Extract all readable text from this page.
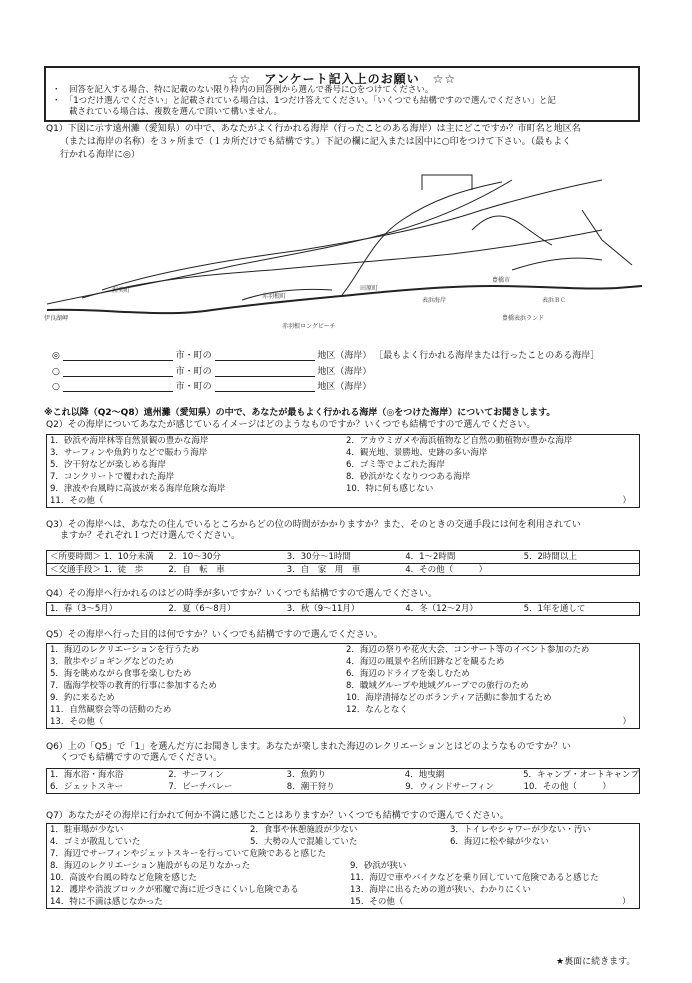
☆☆　アンケート記入上のお願い　☆☆
・　回答を記入する場合、特に記載のない限り枠内の回答例から選んで番号に○をつけてください。
・　「1つだけ選んでください」と記載されている場合は、1つだけ答えてください。「いくつでも結構ですので選んでください」と記
　　載されている場合は、複数を選んで頂いて構いません。
Q1）下図に示す遠州灘（愛知県）の中で、あなたがよく行かれる海岸（行ったことのある海岸）は主にどこですか？市町名と地区名
（または海岸の名称）を３ヶ所まで（１カ所だけでも結構です。）下記の欄に記入または図中に○印をつけて下さい。（最もよく
行かれる海岸に◎）
渥美町
赤羽根町
田原町
豊橋市
表浜海岸
伊良湖岬
赤羽根ロングビーチ
表浜ＢＣ
豊橋表浜ランド
◎	市・町の	地区（海岸） ［最もよく行かれる海岸または行ったことのある海岸］
○	市・町の	地区（海岸）
○	市・町の	地区（海岸）
※これ以降（Q2～Q8）遠州灘（愛知県）の中で、あなたが最もよく行かれる海岸（◎をつけた海岸）についてお聞きします。
Q2）その海岸についてあなたが感じているイメージはどのようなものですか？いくつでも結構ですので選んでください。
1．砂浜や海岸林等自然景観の豊かな海岸	2．アカウミガメや海浜植物など自然の動植物が豊かな海岸
3．サーフィンや魚釣りなどで賑わう海岸	4．観光地、景勝地、史跡の多い海岸
5．汐干狩などが楽しめる海岸	6．ゴミ等でよごれた海岸
7．コンクリートで覆われた海岸	8．砂浜がなくなりつつある海岸
9．津波や台風時に高波が来る海岸危険な海岸	10．特に何も感じない
11．その他（	）
Q3）その海岸へは、あなたの住んでいるところからどの位の時間がかかりますか？また、そのときの交通手段には何を利用されてい
ますか？それぞれ１つだけ選んでください。
＜所要時間＞ 1．10分未満	2．10～30分	3．30分～1時間	4．1～2時間	5．2時間以上
＜交通手段＞ 1．徒　歩	2．自　転　車	3．自　家　用　車	4．その他（　　　）
Q4）その海岸へ行かれるのはどの時季が多いですか？いくつでも結構ですので選んでください。
1．春（3～5月）	2．夏（6～8月）	3．秋（9～11月）	4．冬（12～2月）	5．1年を通して
Q5）その海岸へ行った目的は何ですか？いくつでも結構ですので選んでください。
1．海辺のレクリエーションを行うため	2．海辺の祭りや花火大会、コンサート等のイベント参加のため
3．散歩やジョギングなどのため	4．海辺の風景や名所旧跡などを観るため
5．海を眺めながら食事を楽しむため	6．海辺のドライブを楽しむため
7．臨海学校等の教育的行事に参加するため	8．職域グループや地域グループでの旅行のため
9．釣に来るため	10．海岸清掃などのボランティア活動に参加するため
11．自然観察会等の活動のため	12．なんとなく
13．その他（	）
Q6）上の「Q5」で「1」を選んだ方にお聞きします。あなたが楽しまれた海辺のレクリエーションとはどのようなものですか？い
くつでも結構ですので選んでください。
1．海水浴・海水浴	2．サーフィン	3．魚釣り	4．地曳網	5．キャンプ・オートキャンプ
6．ジェットスキー	7．ビーチバレー	8．潮干狩り	9．ウィンドサーフィン	10．その他（　　　）
Q7）あなたがその海岸に行かれて何か不満に感じたことはありますか？いくつでも結構ですので選んでください。
1．駐車場が少ない	2．食事や休憩施設が少ない	3．トイレやシャワーが少ない・汚い
4．ゴミが散乱していた	5．大勢の人で混雑していた	6．海辺に松や緑が少ない
7．海辺でサーフィンやジェットスキーを行っていて危険であると感じた
8．海辺のレクリエーション施設がもの足りなかった	9．砂浜が狭い
10．高波や台風の時など危険を感じた	11．海辺で車やバイクなどを乗り回していて危険であると感じた
12．護岸や消波ブロックが邪魔で海に近づきにくいし危険である	13．海岸に出るための道が狭い、わかりにくい
14．特に不満は感じなかった	15．その他（	）
★裏面に続きます。
